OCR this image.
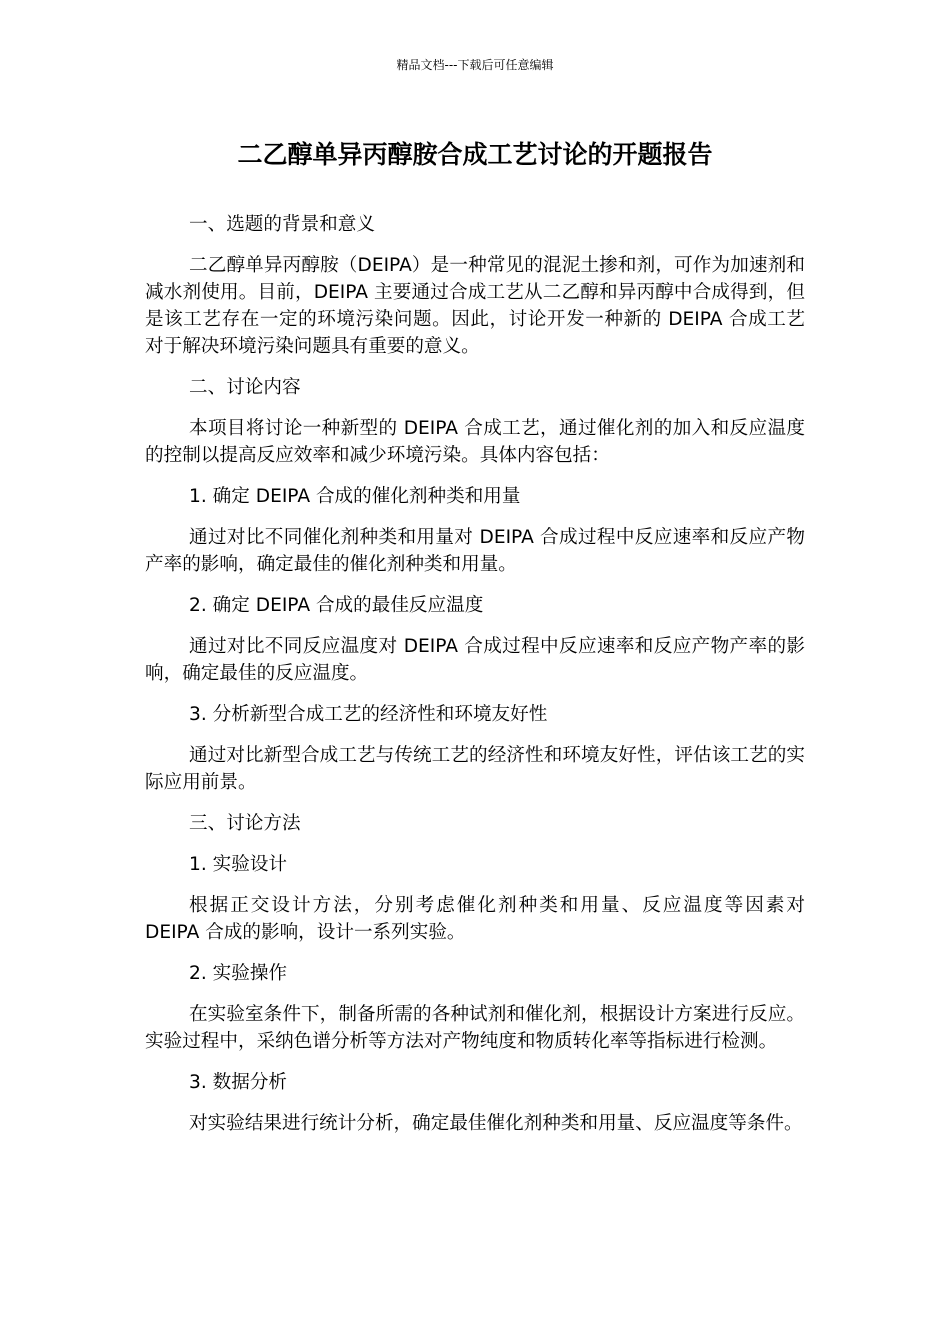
精品文档---下载后可任意编辑
二乙醇单异丙醇胺合成工艺讨论的开题报告

一、选题的背景和意义

二乙醇单异丙醇胺（DEIPA）是一种常见的混泥土掺和剂，可作为加速剂和减水剂使用。目前，DEIPA 主要通过合成工艺从二乙醇和异丙醇中合成得到，但是该工艺存在一定的环境污染问题。因此，讨论开发一种新的 DEIPA 合成工艺对于解决环境污染问题具有重要的意义。

二、讨论内容

本项目将讨论一种新型的 DEIPA 合成工艺，通过催化剂的加入和反应温度的控制以提高反应效率和减少环境污染。具体内容包括：

1. 确定 DEIPA 合成的催化剂种类和用量

通过对比不同催化剂种类和用量对 DEIPA 合成过程中反应速率和反应产物产率的影响，确定最佳的催化剂种类和用量。

2. 确定 DEIPA 合成的最佳反应温度

通过对比不同反应温度对 DEIPA 合成过程中反应速率和反应产物产率的影响，确定最佳的反应温度。

3. 分析新型合成工艺的经济性和环境友好性

通过对比新型合成工艺与传统工艺的经济性和环境友好性，评估该工艺的实际应用前景。

三、讨论方法

1. 实验设计

根据正交设计方法，分别考虑催化剂种类和用量、反应温度等因素对 DEIPA 合成的影响，设计一系列实验。

2. 实验操作

在实验室条件下，制备所需的各种试剂和催化剂，根据设计方案进行反应。实验过程中，采纳色谱分析等方法对产物纯度和物质转化率等指标进行检测。

3. 数据分析

对实验结果进行统计分析，确定最佳催化剂种类和用量、反应温度等条件。
